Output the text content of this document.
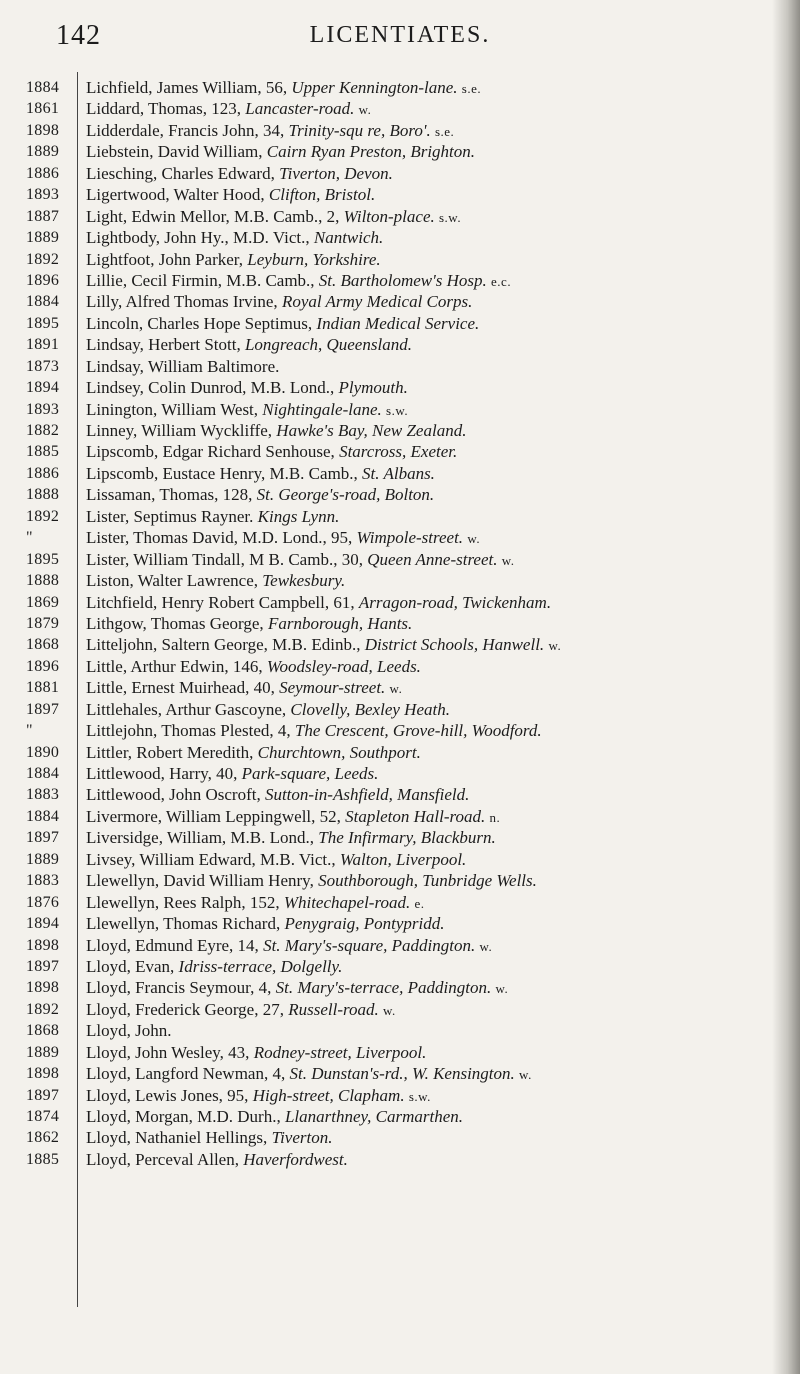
142	LICENTIATES.
1884	Lichfield, James William, 56, Upper Kennington-lane. s.e.
1861	Liddard, Thomas, 123, Lancaster-road. w.
1898	Lidderdale, Francis John, 34, Trinity-squ re, Boro'. s.e.
1889	Liebstein, David William, Cairn Ryan Preston, Brighton.
1886	Liesching, Charles Edward, Tiverton, Devon.
1893	Ligertwood, Walter Hood, Clifton, Bristol.
1887	Light, Edwin Mellor, M.B. Camb., 2, Wilton-place. s.w.
1889	Lightbody, John Hy., M.D. Vict., Nantwich.
1892	Lightfoot, John Parker, Leyburn, Yorkshire.
1896	Lillie, Cecil Firmin, M.B. Camb., St. Bartholomew's Hosp. e.c.
1884	Lilly, Alfred Thomas Irvine, Royal Army Medical Corps.
1895	Lincoln, Charles Hope Septimus, Indian Medical Service.
1891	Lindsay, Herbert Stott, Longreach, Queensland.
1873	Lindsay, William Baltimore.
1894	Lindsey, Colin Dunrod, M.B. Lond., Plymouth.
1893	Linington, William West, Nightingale-lane. s.w.
1882	Linney, William Wyckliffe, Hawke's Bay, New Zealand.
1885	Lipscomb, Edgar Richard Senhouse, Starcross, Exeter.
1886	Lipscomb, Eustace Henry, M.B. Camb., St. Albans.
1888	Lissaman, Thomas, 128, St. George's-road, Bolton.
1892	Lister, Septimus Rayner. Kings Lynn.
"	Lister, Thomas David, M.D. Lond., 95, Wimpole-street. w.
1895	Lister, William Tindall, M B. Camb., 30, Queen Anne-street. w.
1888	Liston, Walter Lawrence, Tewkesbury.
1869	Litchfield, Henry Robert Campbell, 61, Arragon-road, Twickenham.
1879	Lithgow, Thomas George, Farnborough, Hants.
1868	Litteljohn, Saltern George, M.B. Edinb., District Schools, Hanwell. w.
1896	Little, Arthur Edwin, 146, Woodsley-road, Leeds.
1881	Little, Ernest Muirhead, 40, Seymour-street. w.
1897	Littlehales, Arthur Gascoyne, Clovelly, Bexley Heath.
"	Littlejohn, Thomas Plested, 4, The Crescent, Grove-hill, Woodford.
1890	Littler, Robert Meredith, Churchtown, Southport.
1884	Littlewood, Harry, 40, Park-square, Leeds.
1883	Littlewood, John Oscroft, Sutton-in-Ashfield, Mansfield.
1884	Livermore, William Leppingwell, 52, Stapleton Hall-road. n.
1897	Liversidge, William, M.B. Lond., The Infirmary, Blackburn.
1889	Livsey, William Edward, M.B. Vict., Walton, Liverpool.
1883	Llewellyn, David William Henry, Southborough, Tunbridge Wells.
1876	Llewellyn, Rees Ralph, 152, Whitechapel-road. e.
1894	Llewellyn, Thomas Richard, Penygraig, Pontypridd.
1898	Lloyd, Edmund Eyre, 14, St. Mary's-square, Paddington. w.
1897	Lloyd, Evan, Idriss-terrace, Dolgelly.
1898	Lloyd, Francis Seymour, 4, St. Mary's-terrace, Paddington. w.
1892	Lloyd, Frederick George, 27, Russell-road. w.
1868	Lloyd, John.
1889	Lloyd, John Wesley, 43, Rodney-street, Liverpool.
1898	Lloyd, Langford Newman, 4, St. Dunstan's-rd., W. Kensington. w.
1897	Lloyd, Lewis Jones, 95, High-street, Clapham. s.w.
1874	Lloyd, Morgan, M.D. Durh., Llanarthney, Carmarthen.
1862	Lloyd, Nathaniel Hellings, Tiverton.
1885	Lloyd, Perceval Allen, Haverfordwest.
